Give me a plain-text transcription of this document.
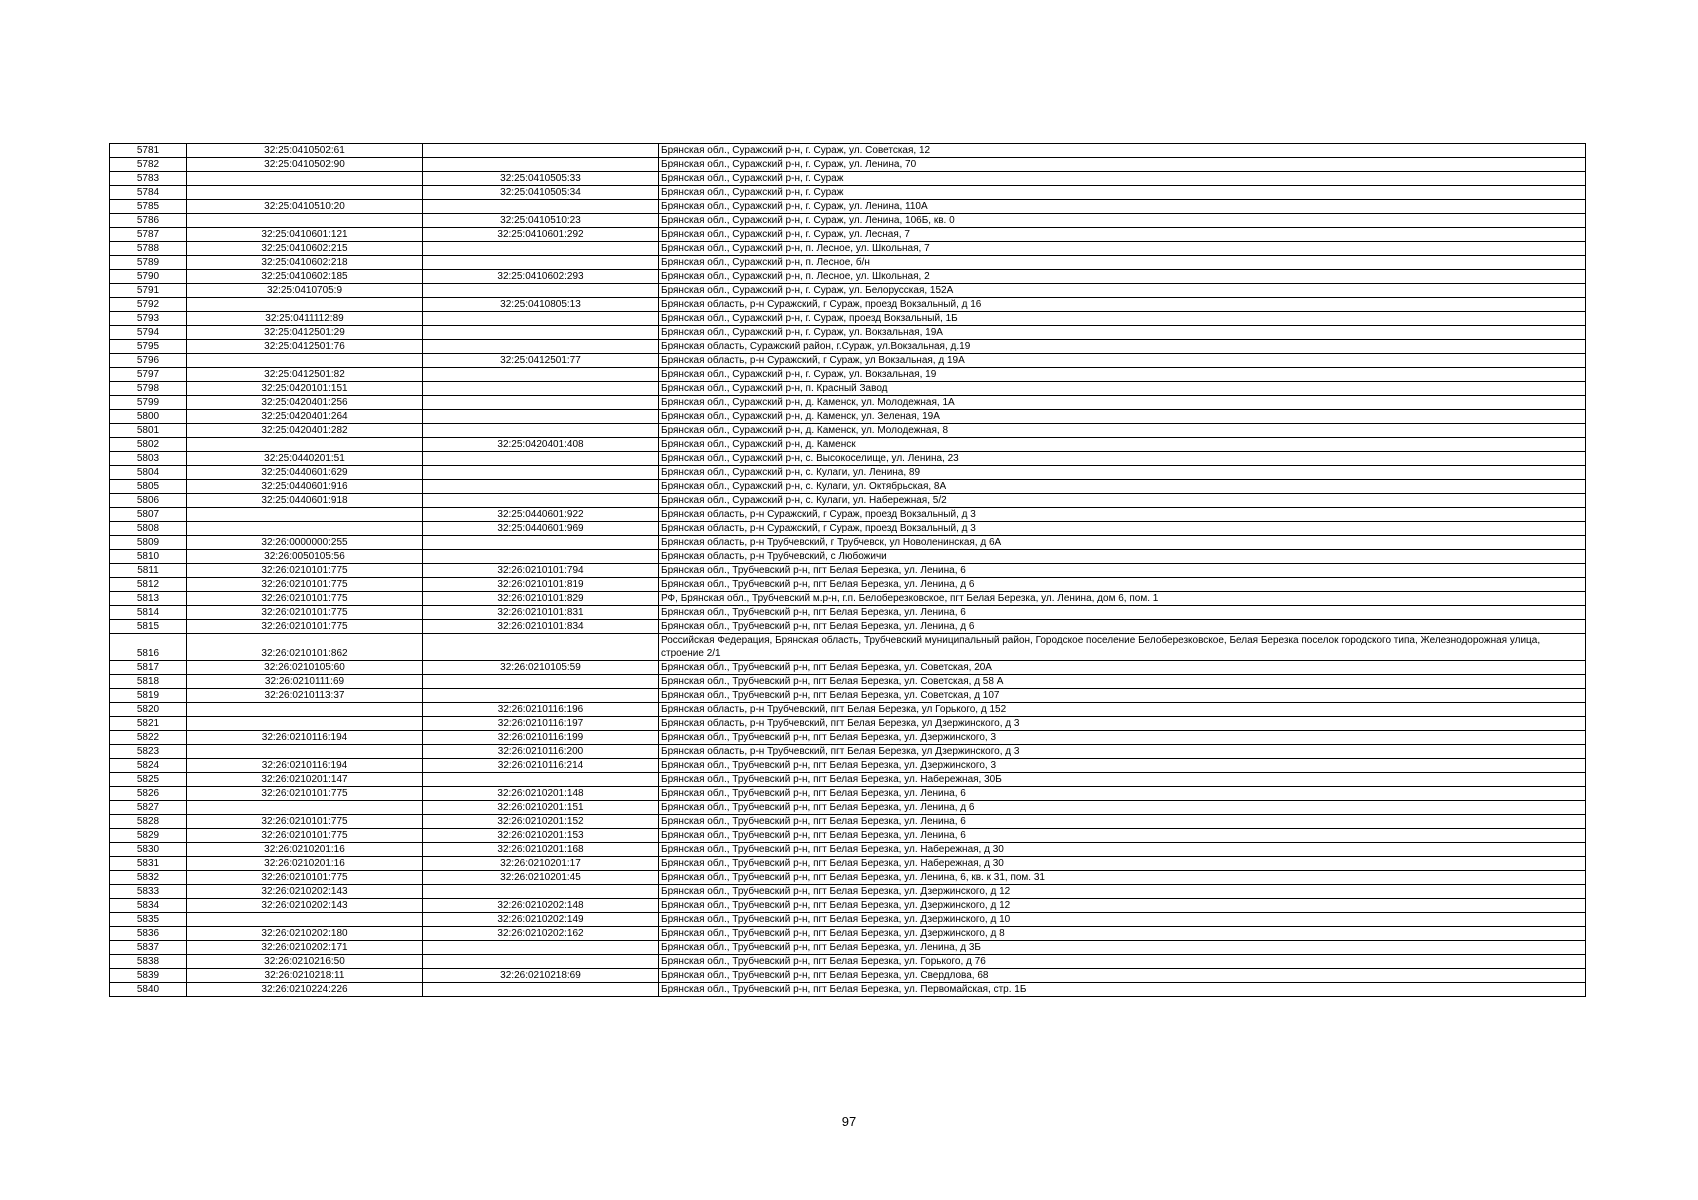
5781	32:25:0410502:61		Брянская обл., Суражский р-н, г. Сураж, ул. Советская, 12
5782	32:25:0410502:90		Брянская обл., Суражский р-н, г. Сураж, ул. Ленина, 70
5783		32:25:0410505:33	Брянская обл., Суражский р-н, г. Сураж
5784		32:25:0410505:34	Брянская обл., Суражский р-н, г. Сураж
5785	32:25:0410510:20		Брянская обл., Суражский р-н, г. Сураж, ул. Ленина, 110А
5786		32:25:0410510:23	Брянская обл., Суражский р-н, г. Сураж, ул. Ленина, 106Б, кв. 0
5787	32:25:0410601:121	32:25:0410601:292	Брянская обл., Суражский р-н, г. Сураж, ул. Лесная, 7
5788	32:25:0410602:215		Брянская обл., Суражский р-н, п. Лесное, ул. Школьная, 7
5789	32:25:0410602:218		Брянская обл., Суражский р-н, п. Лесное, б/н
5790	32:25:0410602:185	32:25:0410602:293	Брянская обл., Суражский р-н, п. Лесное, ул. Школьная, 2
5791	32:25:0410705:9		Брянская обл., Суражский р-н, г. Сураж, ул. Белорусская, 152А
5792		32:25:0410805:13	Брянская область, р-н Суражский, г Сураж, проезд Вокзальный, д 16
5793	32:25:0411112:89		Брянская обл., Суражский р-н, г. Сураж, проезд Вокзальный, 1Б
5794	32:25:0412501:29		Брянская обл., Суражский р-н, г. Сураж, ул. Вокзальная, 19А
5795	32:25:0412501:76		Брянская область, Суражский район, г.Сураж, ул.Вокзальная, д.19
5796		32:25:0412501:77	Брянская область, р-н Суражский, г Сураж, ул Вокзальная, д 19А
5797	32:25:0412501:82		Брянская обл., Суражский р-н, г. Сураж, ул. Вокзальная, 19
5798	32:25:0420101:151		Брянская обл., Суражский р-н, п. Красный Завод
5799	32:25:0420401:256		Брянская обл., Суражский р-н, д. Каменск, ул. Молодежная, 1А
5800	32:25:0420401:264		Брянская обл., Суражский р-н, д. Каменск, ул. Зеленая, 19А
5801	32:25:0420401:282		Брянская обл., Суражский р-н, д. Каменск, ул. Молодежная, 8
5802		32:25:0420401:408	Брянская обл., Суражский р-н, д. Каменск
5803	32:25:0440201:51		Брянская обл., Суражский р-н, с. Высокоселище, ул. Ленина, 23
5804	32:25:0440601:629		Брянская обл., Суражский р-н, с. Кулаги, ул. Ленина, 89
5805	32:25:0440601:916		Брянская обл., Суражский р-н, с. Кулаги, ул. Октябрьская, 8А
5806	32:25:0440601:918		Брянская обл., Суражский р-н, с. Кулаги, ул. Набережная, 5/2
5807		32:25:0440601:922	Брянская область, р-н Суражский, г Сураж, проезд Вокзальный, д 3
5808		32:25:0440601:969	Брянская область, р-н Суражский, г Сураж, проезд Вокзальный, д 3
5809	32:26:0000000:255		Брянская область, р-н Трубчевский, г Трубчевск, ул Новоленинская, д 6А
5810	32:26:0050105:56		Брянская область, р-н Трубчевский, с Любожичи
5811	32:26:0210101:775	32:26:0210101:794	Брянская обл., Трубчевский р-н, пгт Белая Березка, ул. Ленина, 6
5812	32:26:0210101:775	32:26:0210101:819	Брянская обл., Трубчевский р-н, пгт Белая Березка, ул. Ленина, д 6
5813	32:26:0210101:775	32:26:0210101:829	РФ, Брянская обл., Трубчевский м.р-н, г.п. Белоберезковское, пгт Белая Березка, ул. Ленина, дом 6, пом. 1
5814	32:26:0210101:775	32:26:0210101:831	Брянская обл., Трубчевский р-н, пгт Белая Березка, ул. Ленина, 6
5815	32:26:0210101:775	32:26:0210101:834	Брянская обл., Трубчевский р-н, пгт Белая Березка, ул. Ленина, д 6
5816	32:26:0210101:862		Российская Федерация, Брянская область, Трубчевский муниципальный район, Городское поселение Белоберезковское, Белая Березка поселок городского типа, Железнодорожная улица, строение 2/1
5817	32:26:0210105:60	32:26:0210105:59	Брянская обл., Трубчевский р-н, пгт Белая Березка, ул. Советская, 20А
5818	32:26:0210111:69		Брянская обл., Трубчевский р-н, пгт Белая Березка, ул. Советская, д 58 А
5819	32:26:0210113:37		Брянская обл., Трубчевский р-н, пгт Белая Березка, ул. Советская, д 107
5820		32:26:0210116:196	Брянская область, р-н Трубчевский, пгт Белая Березка, ул Горького, д 152
5821		32:26:0210116:197	Брянская область, р-н Трубчевский, пгт Белая Березка, ул Дзержинского, д 3
5822	32:26:0210116:194	32:26:0210116:199	Брянская обл., Трубчевский р-н, пгт Белая Березка, ул. Дзержинского, 3
5823		32:26:0210116:200	Брянская область, р-н Трубчевский, пгт Белая Березка, ул Дзержинского, д 3
5824	32:26:0210116:194	32:26:0210116:214	Брянская обл., Трубчевский р-н, пгт Белая Березка, ул. Дзержинского, 3
5825	32:26:0210201:147		Брянская обл., Трубчевский р-н, пгт Белая Березка, ул. Набережная, 30Б
5826	32:26:0210101:775	32:26:0210201:148	Брянская обл., Трубчевский р-н, пгт Белая Березка, ул. Ленина, 6
5827		32:26:0210201:151	Брянская обл., Трубчевский р-н, пгт Белая Березка, ул. Ленина, д 6
5828	32:26:0210101:775	32:26:0210201:152	Брянская обл., Трубчевский р-н, пгт Белая Березка, ул. Ленина, 6
5829	32:26:0210101:775	32:26:0210201:153	Брянская обл., Трубчевский р-н, пгт Белая Березка, ул. Ленина, 6
5830	32:26:0210201:16	32:26:0210201:168	Брянская обл., Трубчевский р-н, пгт Белая Березка, ул. Набережная, д 30
5831	32:26:0210201:16	32:26:0210201:17	Брянская обл., Трубчевский р-н, пгт Белая Березка, ул. Набережная, д 30
5832	32:26:0210101:775	32:26:0210201:45	Брянская обл., Трубчевский р-н, пгт Белая Березка, ул. Ленина, 6, кв. к 31, пом. 31
5833	32:26:0210202:143		Брянская обл., Трубчевский р-н, пгт Белая Березка, ул. Дзержинского, д 12
5834	32:26:0210202:143	32:26:0210202:148	Брянская обл., Трубчевский р-н, пгт Белая Березка, ул. Дзержинского, д 12
5835		32:26:0210202:149	Брянская обл., Трубчевский р-н, пгт Белая Березка, ул. Дзержинского, д 10
5836	32:26:0210202:180	32:26:0210202:162	Брянская обл., Трубчевский р-н, пгт Белая Березка, ул. Дзержинского, д 8
5837	32:26:0210202:171		Брянская обл., Трубчевский р-н, пгт Белая Березка, ул. Ленина, д 3Б
5838	32:26:0210216:50		Брянская обл., Трубчевский р-н, пгт Белая Березка, ул. Горького, д 76
5839	32:26:0210218:11	32:26:0210218:69	Брянская обл., Трубчевский р-н, пгт Белая Березка, ул. Свердлова, 68
5840	32:26:0210224:226		Брянская обл., Трубчевский р-н, пгт Белая Березка, ул. Первомайская, стр. 1Б
97
